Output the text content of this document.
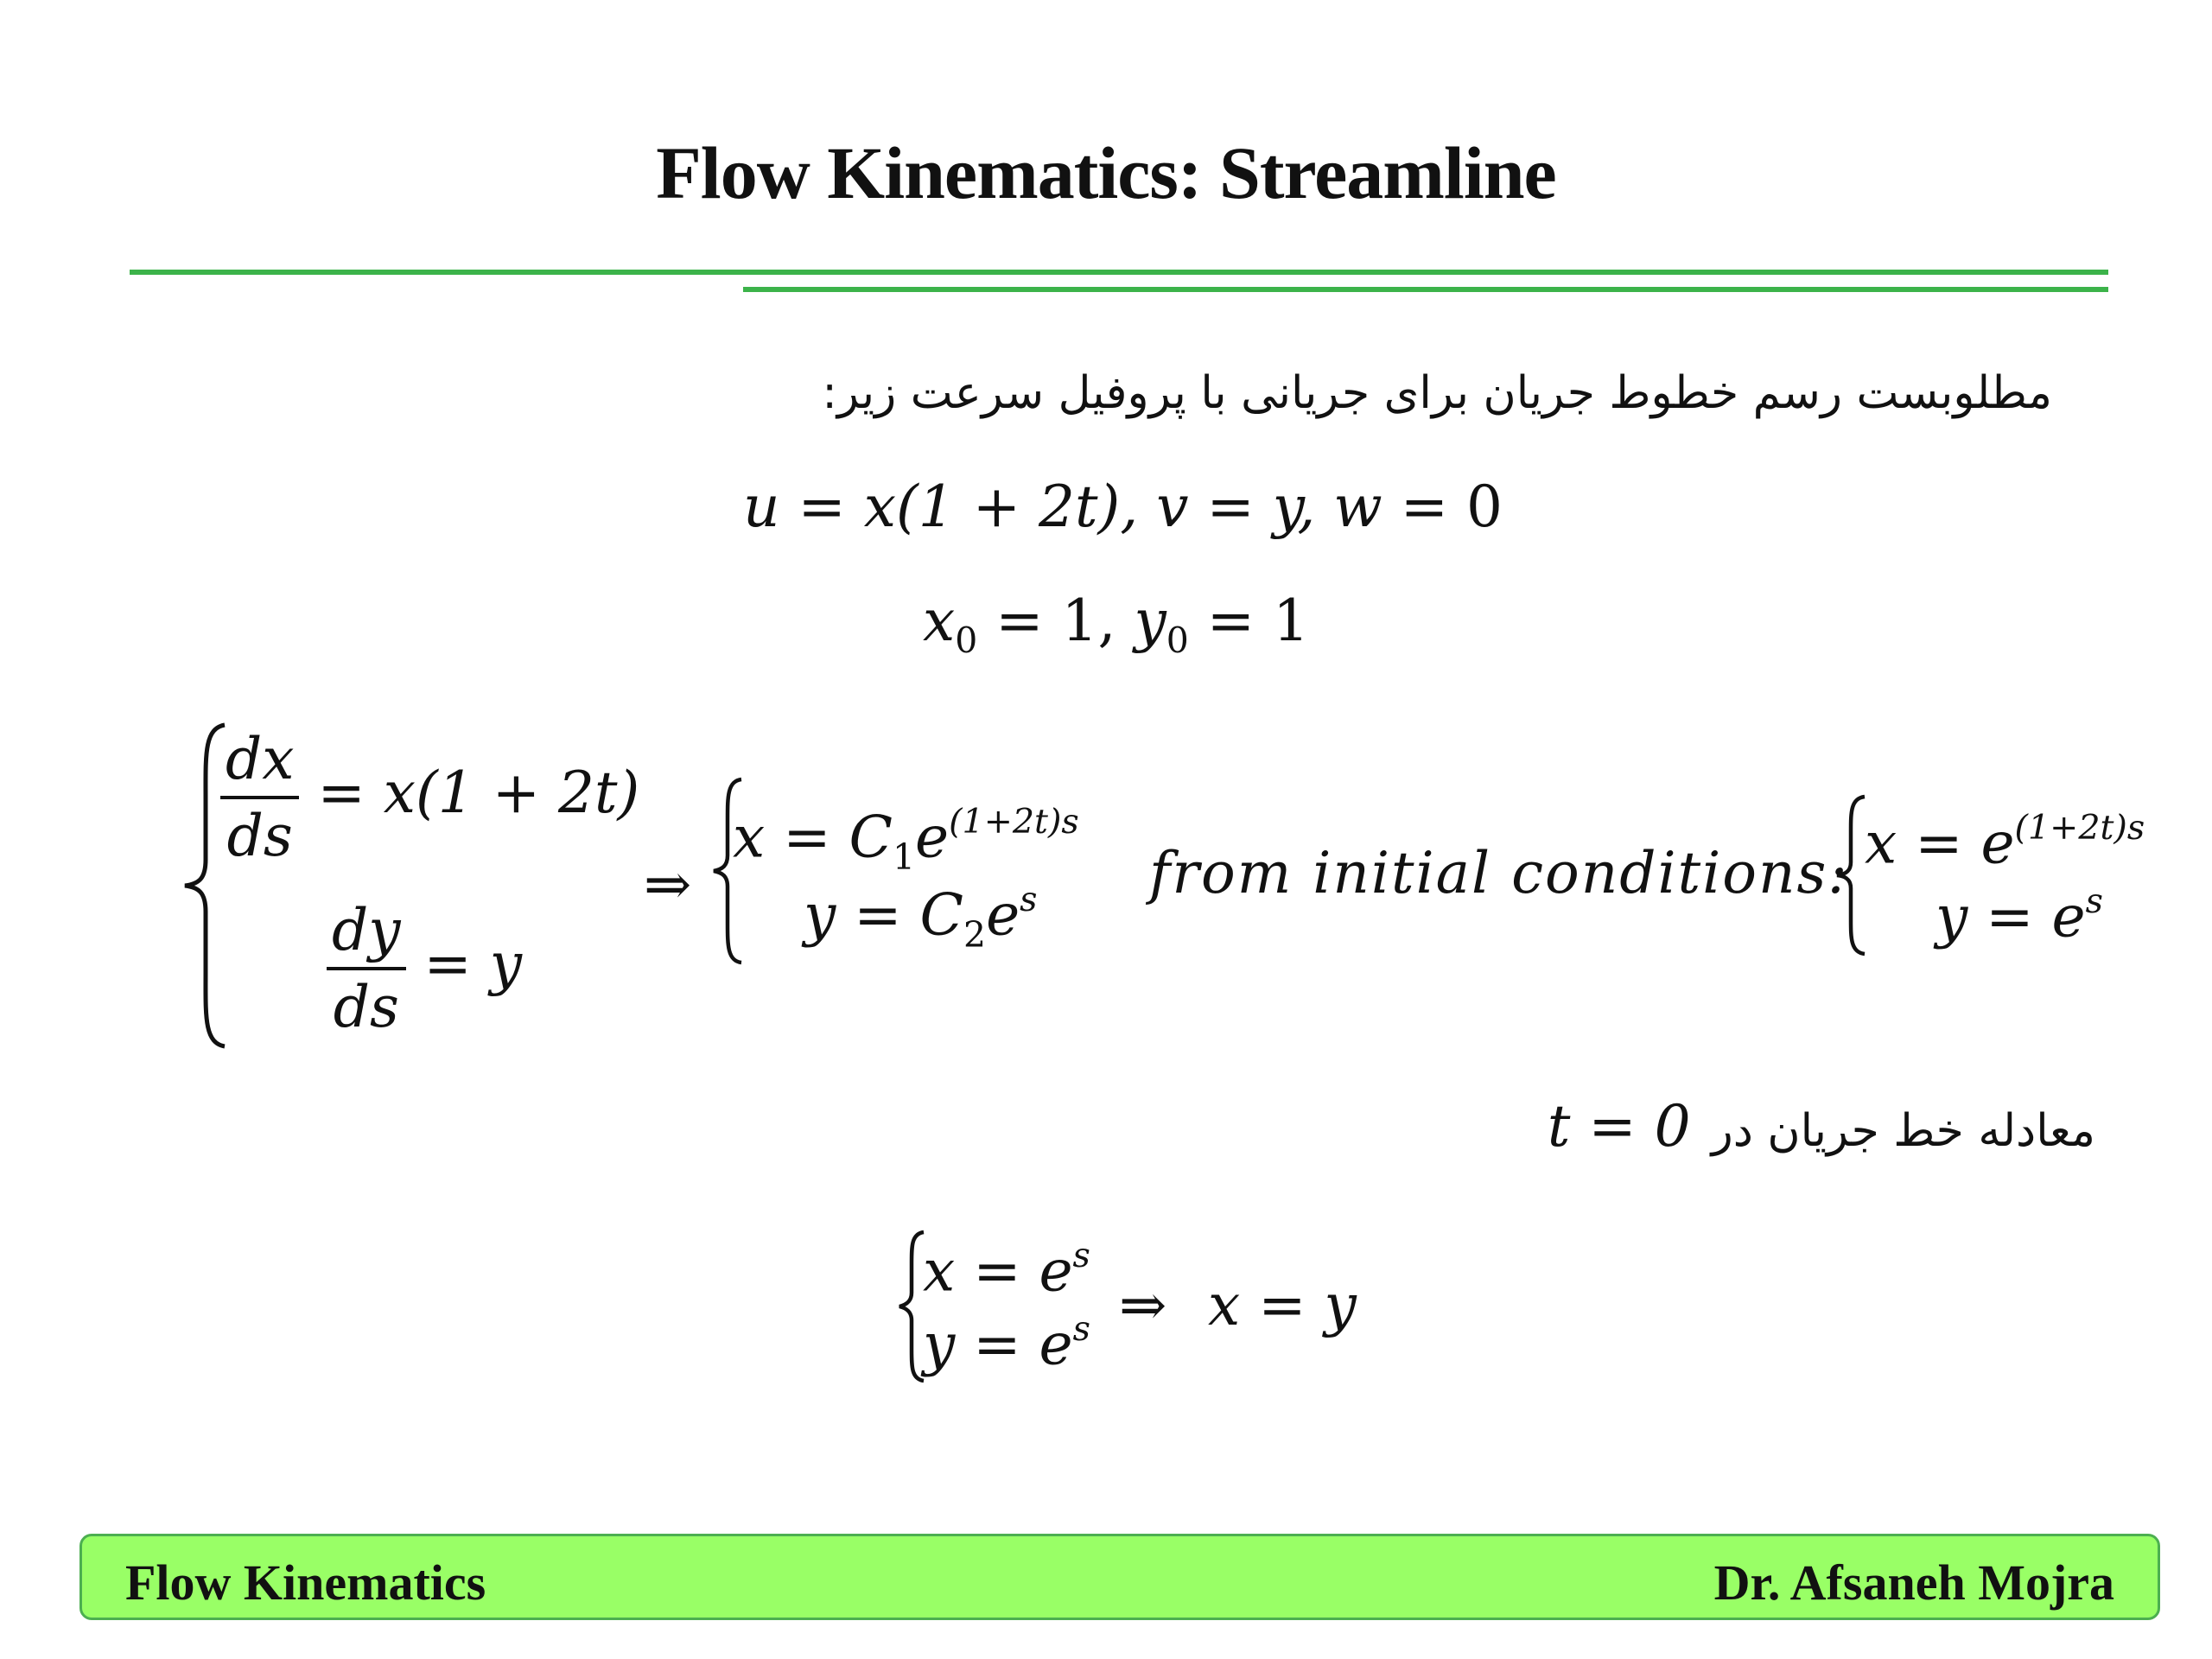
Flow Kinematics: Streamline
مطلوبست رسم خطوط جریان برای جریانی با پروفیل سرعت زیر:
u = x(1 + 2t), v = y, w = 0
$x_0 = 1$, $y_0 = 1$
$\frac{dx}{ds} = x(1 + 2t)$
$\frac{dy}{ds} = y$
⇒
$x = C_1e^{(1+2t)s}$
$y = C_2e^s$ from initial conditions: $x = e^{(1+2t)s}$
$y = e^s$
t = 0 معادله خط جریان در
$x = e^s$
$y = e^s$ ⇒ x = y
Flow Kinematics	Dr. Afsaneh Mojra
